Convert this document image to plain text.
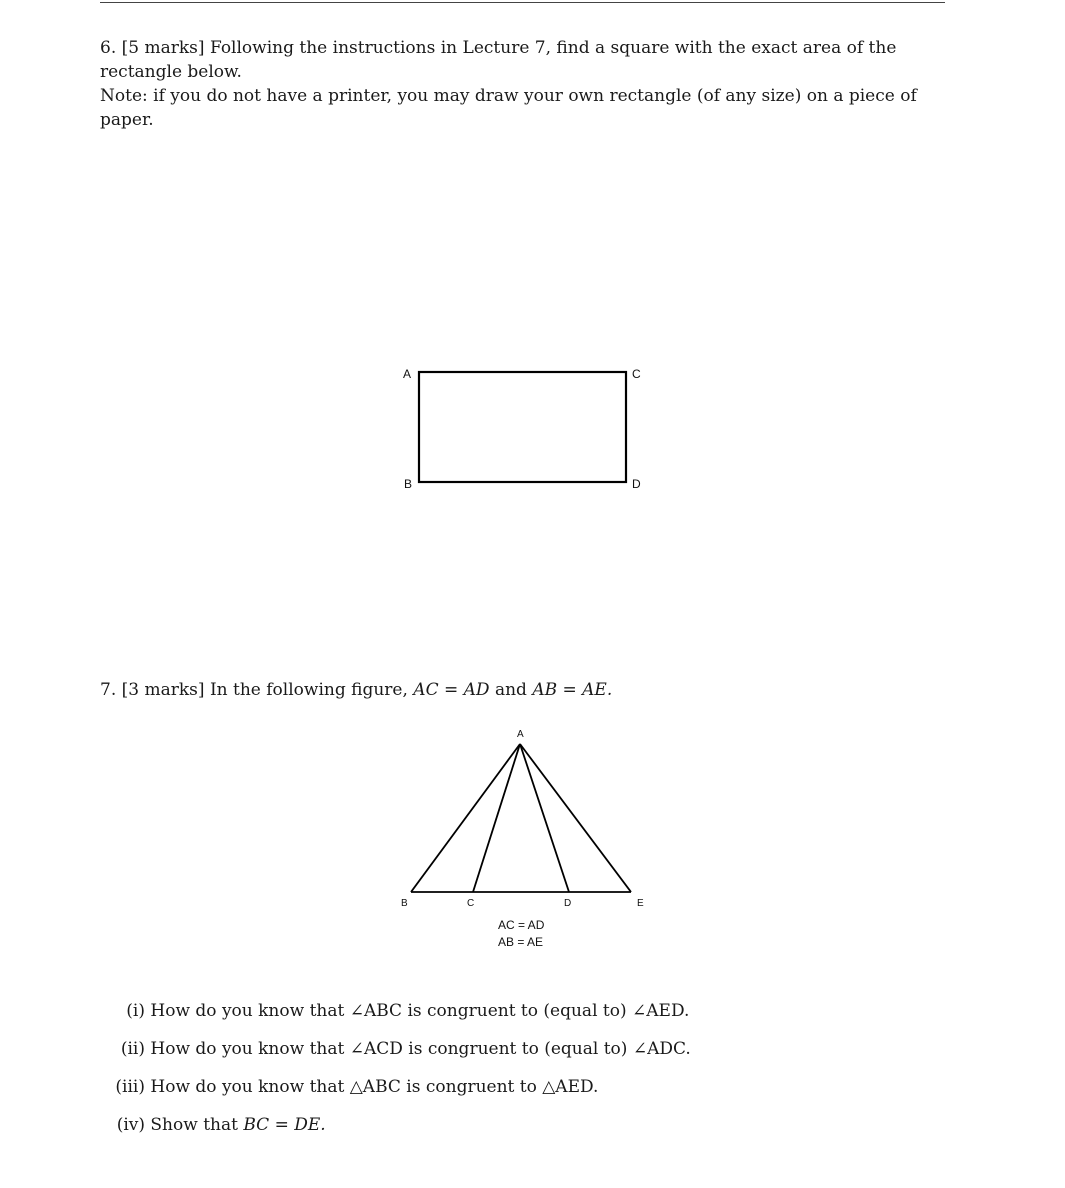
6. [5 marks] Following the instructions in Lecture 7, find a square with the exact area of the rectangle below.
Note: if you do not have a printer, you may draw your own rectangle (of any size) on a piece of paper.
A
B
C
D
A
B	C	D	E
AC = AD
AB = AE
7. [3 marks] In the following figure, AC = AD and AB = AE.
(i) How do you know that ∠ABC is congruent to (equal to) ∠AED.
(ii) How do you know that ∠ACD is congruent to (equal to) ∠ADC.
(iii) How do you know that △ABC is congruent to △AED.
(iv) Show that BC = DE.
